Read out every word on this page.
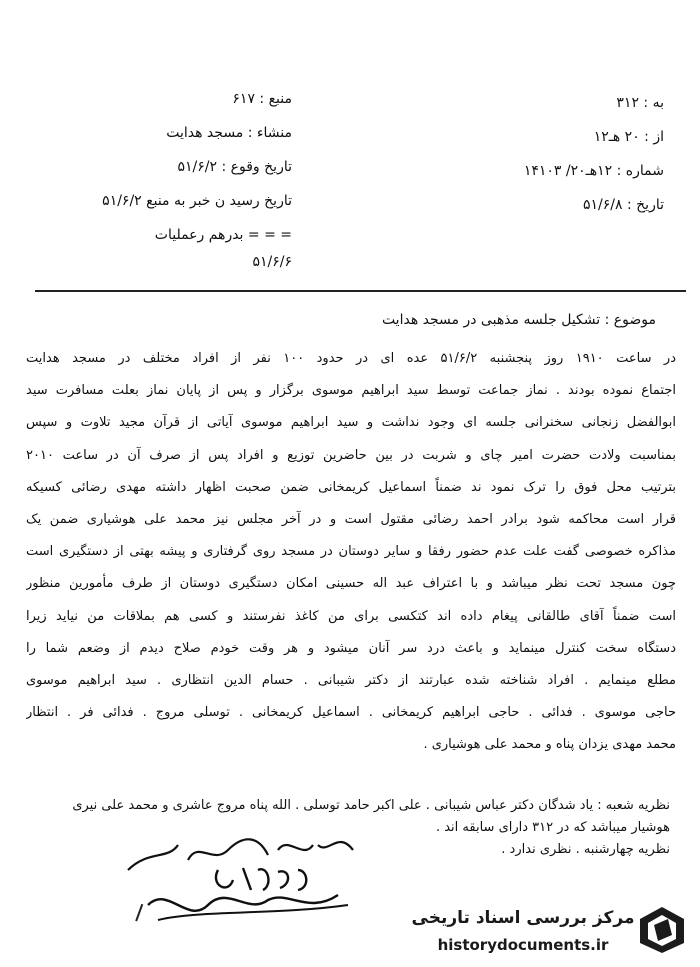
به : ۳۱۲
از : ۲۰ هـ۱۲
شماره : ۱۲هـ۲۰/ ۱۴۱۰۳
تاریخ : ۵۱/۶/۸
منبع : ۶۱۷
منشاء : مسجد هدایت
تاریخ وقوع : ۵۱/۶/۲
تاریخ رسید ن خبر به منبع ۵۱/۶/۲
= = = بدرهم رعملیات
۵۱/۶/۶
موضوع : تشکیل جلسه مذهبی در مسجد هدایت
در ساعت ۱۹۱۰ روز پنجشنبه ۵۱/۶/۲ عده ای در حدود ۱۰۰ نفر از افراد مختلف در مسجد هدایت
اجتماع نموده بودند . نماز جماعت توسط سید ابراهیم موسوی برگزار و پس از پایان نماز بعلت مسافرت سید
ابوالفضل زنجانی سخنرانی جلسه ای وجود نداشت و سید ابراهیم موسوی آیاتی از قرآن مجید تلاوت و سپس
بمناسبت ولادت حضرت امیر چای و شربت در بین حاضرین توزیع و افراد پس از صرف آن در ساعت ۲۰۱۰
بترتیب محل فوق را ترک نمود ند ضمناً اسماعیل کریمخانی ضمن صحبت اظهار داشته مهدی رضائی کسیکه
قرار است محاکمه شود برادر احمد رضائی مقتول است و در آخر مجلس نیز محمد علی هوشیاری ضمن یک
مذاکره خصوصی گفت علت عدم حضور رفقا و سایر دوستان در مسجد روی گرفتاری و پیشه بهتی از دستگیری است
چون مسجد تحت نظر میباشد و با اعتراف عبد اله حسینی امکان دستگیری دوستان از طرف مأمورین منظور
است ضمناً آقای طالقانی پیغام داده اند کتکسی برای من کاغذ نفرستند و کسی هم بملاقات من نیاید زیرا
دستگاه سخت کنترل مینماید و باعث درد سر آنان میشود و هر وقت خودم صلاح دیدم از وضعم شما را
مطلع مینمایم . افراد شناخته شده عبارتند از دکتر شیبانی . حسام الدین انتظاری . سید ابراهیم موسوی
حاجی موسوی . فدائی . حاجی ابراهیم کریمخانی . اسماعیل کریمخانی . توسلی مروج . فدائی فر . انتظار
محمد مهدی یزدان پناه و محمد علی هوشیاری .
نظریه شعبه : یاد شدگان دکتر عباس شیبانی . علی اکبر حامد توسلی . الله پناه مروج عاشری و محمد علی نیری
هوشیار میباشد که در ۳۱۲ دارای سابقه اند .
نظریه چهارشنبه . نظری ندارد .
مرکز بررسی اسناد تاریخی
historydocuments.ir
